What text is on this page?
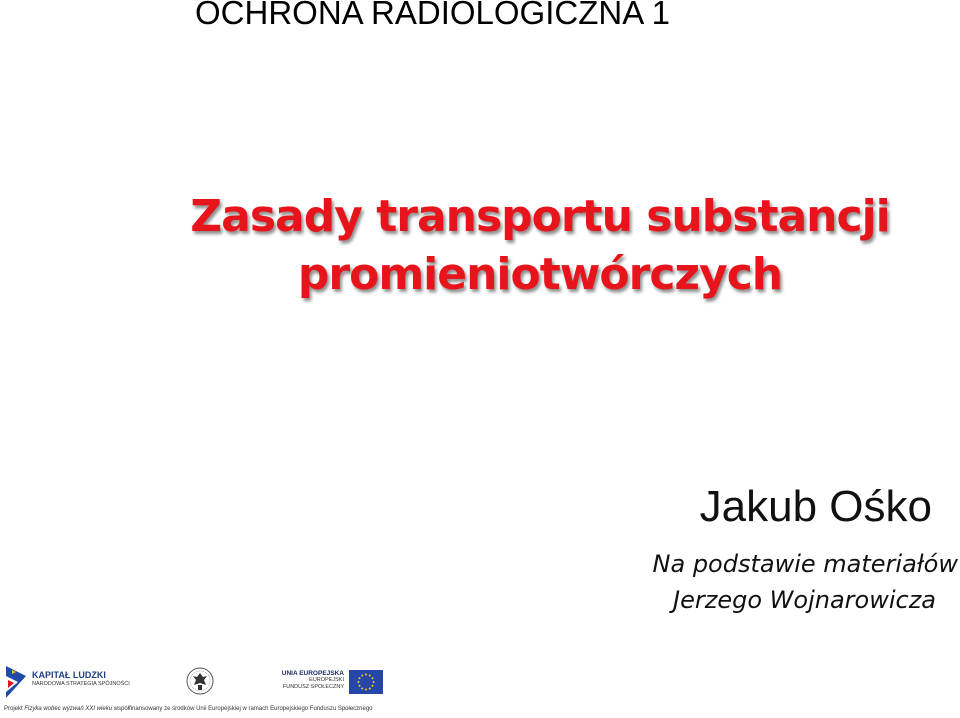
OCHRONA RADIOLOGICZNA 1
Zasady transportu substancji
promieniotwórczych
Jakub Ośko
Na podstawie materiałów
Jerzego Wojnarowicza
KAPITAŁ LUDZKI
NARODOWA STRATEGIA SPÓJNOŚCI
UNIA EUROPEJSKA
EUROPEJSKI
FUNDUSZ SPOŁECZNY
Projekt Fizyka wobec wyzwań XXI wieku współfinansowany ze środków Unii Europejskiej w ramach Europejskiego Funduszu Społecznego
